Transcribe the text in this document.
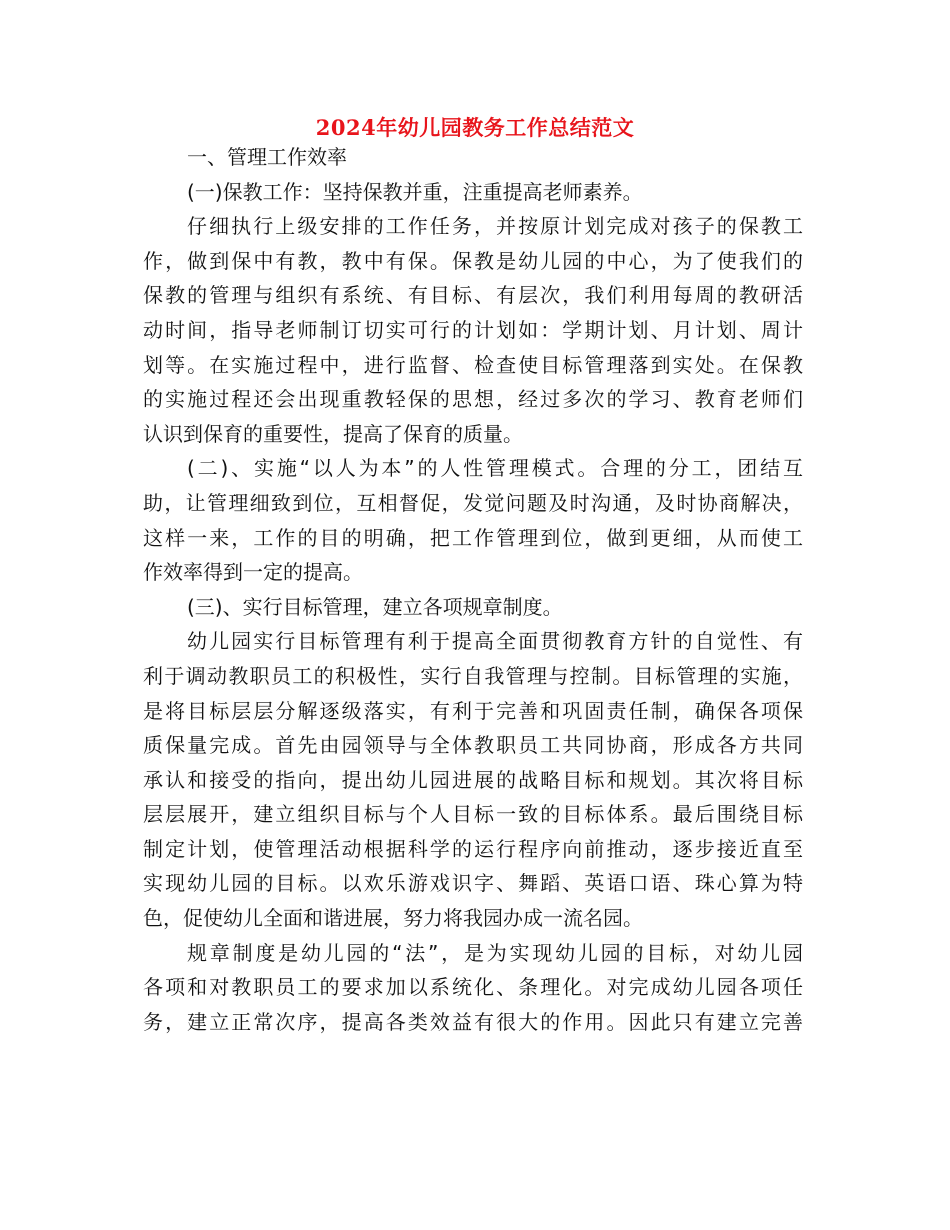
2024年幼儿园教务工作总结范文
一、管理工作效率
(一)保教工作：坚持保教并重，注重提高老师素养。
仔细执行上级安排的工作任务，并按原计划完成对孩子的保教工
作，做到保中有教，教中有保。保教是幼儿园的中心，为了使我们的
保教的管理与组织有系统、有目标、有层次，我们利用每周的教研活
动时间，指导老师制订切实可行的计划如：学期计划、月计划、周计
划等。在实施过程中，进行监督、检查使目标管理落到实处。在保教
的实施过程还会出现重教轻保的思想，经过多次的学习、教育老师们
认识到保育的重要性，提高了保育的质量。
(二)、实施“以人为本”的人性管理模式。合理的分工，团结互
助，让管理细致到位，互相督促，发觉问题及时沟通，及时协商解决，
这样一来，工作的目的明确，把工作管理到位，做到更细，从而使工
作效率得到一定的提高。
(三)、实行目标管理，建立各项规章制度。
幼儿园实行目标管理有利于提高全面贯彻教育方针的自觉性、有
利于调动教职员工的积极性，实行自我管理与控制。目标管理的实施，
是将目标层层分解逐级落实，有利于完善和巩固责任制，确保各项保
质保量完成。首先由园领导与全体教职员工共同协商，形成各方共同
承认和接受的指向，提出幼儿园进展的战略目标和规划。其次将目标
层层展开，建立组织目标与个人目标一致的目标体系。最后围绕目标
制定计划，使管理活动根据科学的运行程序向前推动，逐步接近直至
实现幼儿园的目标。以欢乐游戏识字、舞蹈、英语口语、珠心算为特
色，促使幼儿全面和谐进展，努力将我园办成一流名园。
规章制度是幼儿园的“法”，是为实现幼儿园的目标，对幼儿园
各项和对教职员工的要求加以系统化、条理化。对完成幼儿园各项任
务，建立正常次序，提高各类效益有很大的作用。因此只有建立完善
